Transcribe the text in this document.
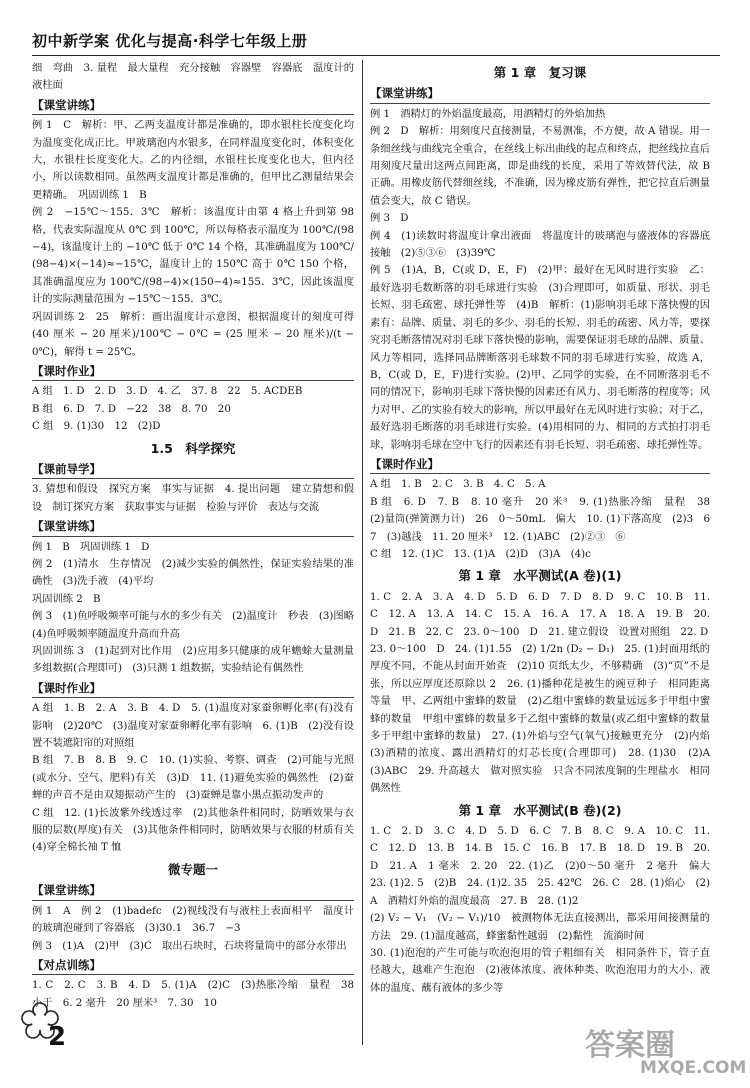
初中新学案 优化与提高·科学七年级上册

细　弯曲　3. 量程　最大量程　充分接触　容器壁　容器底　温度计的液柱面

【课堂讲练】

例 1　C　解析：甲、乙两支温度计都是准确的，即水银柱长度变化均为温度变化成正比。甲玻璃泡内水银多，在同样温度变化时，体积变化大，水银柱长度变化大。乙的内径细，水银柱长度变化也大，但内径小，所以读数相同。虽然两支温度计都是准确的，但甲比乙测量结果会更精确。　巩固训练 1　B

例 2　−15℃～155．3℃　解析：该温度计由第 4 格上升到第 98 格，代表实际温度从 0℃ 到 100℃，所以每格表示温度为 100℃/(98−4)，该温度计上的 −10℃ 低于 0℃ 14 个格，其准确温度为 100℃/(98−4)×(−14)≈−15℃，温度计上的 150℃ 高于 0℃ 150 个格，其准确温度应为 100℃/(98−4)×(150−4)≈155．3℃，因此该温度计的实际测量范围为 −15℃～155．3℃。

巩固训练 2　25　解析：画出温度计示意图，根据温度计的刻度可得 (40 厘米 − 20 厘米)/100℃ − 0℃ = (25 厘米 − 20 厘米)/(t − 0℃)，解得 t = 25℃。

【课时作业】

A 组　1. D　2. D　3. D　4. 乙　37. 8　22　5. ACDEB

B 组　6. D　7. D　−22　38　8. 70　20

C 组　9. (1)30　12　(2)D

1.5　科学探究
【课前导学】

3. 猜想和假设　探究方案　事实与证据　4. 提出问题　建立猜想和假设　制订探究方案　获取事实与证据　检验与评价　表达与交流

【课堂讲练】

例 1　B　巩固训练 1　D

例 2　(1)清水　生存情况　(2)减少实验的偶然性，保证实验结果的准确性　(3)洗手液　(4)平均

巩固训练 2　B

例 3　(1)鱼呼吸频率可能与水的多少有关　(2)温度计　秒表　(3)图略　(4)鱼呼吸频率随温度升高而升高

巩固训练 3　(1)起到对比作用　(2)应用多只健康的成年蟾蜍大量测量多组数据(合理即可)　(3)只测 1 组数据，实验结论有偶然性

【课时作业】

A 组　1. B　2. A　3. B　4. D　5. (1)温度对家蚕卵孵化率(有)没有影响　(2)20℃　(3)温度对家蚕卵孵化率有影响　6. (1)B　(2)没有设置不装遮阳帘的对照组

B 组　7. B　8. B　9. C　10. (1)实验、考察、调查　(2)可能与光照(或水分、空气、肥料)有关　(3)D　11. (1)避免实验的偶然性　(2)蚕蝉的声音不是由双翅振动产生的　(3)蚕蝉是靠小黑点振动发声的

C 组　12. (1)长波紫外线透过率　(2)其他条件相同时，防晒效果与衣服的层数(厚度)有关　(3)其他条件相同时，防晒效果与衣服的材质有关　(4)穿全棉长袖 T 恤

微专题一
【课堂讲练】

例 1　A　例 2　(1)badefc　(2)视线没有与液柱上表面相平　温度计的玻璃泡碰到了容器底　(3)30.1　36.7　−3

例 3　(1)A　(2)甲　(3)C　取出石块时，石块将量筒中的部分水带出

【对点训练】

1. C　2. C　3. B　4. D　5. (1)A　(2)C　(3)热胀冷缩　量程　38　小于　6. 2 毫升　20 厘米³　7. 30　10

第 1 章　复习课
【课堂讲练】

例 1　酒精灯的外焰温度最高，用酒精灯的外焰加热

例 2　D　解析：用刻度尺直接测量，不易测准，不方便，故 A 错误。用一条细丝线与曲线完全重合，在丝线上标出曲线的起点和终点，把丝线拉直后用刻度尺量出这两点间距离，即是曲线的长度，采用了等效替代法，故 B 正确。用橡皮筋代替细丝线，不准确，因为橡皮筋有弹性，把它拉直后测量值会变大，故 C 错误。

例 3　D

例 4　(1)读数时将温度计拿出液面　将温度计的玻璃泡与盛液体的容器底接触　(2)⑤③⑥　(3)39℃

例 5　(1)A，B，C(或 D，E，F)　(2)甲：最好在无风时进行实验　乙：最好选羽毛数断落的羽毛球进行实验　(3)合理即可，如质量、形状、羽毛长短、羽毛疏密、球托弹性等　(4)B　解析：(1)影响羽毛球下落快慢的因素有：品牌、质量、羽毛的多少、羽毛的长短、羽毛的疏密、风力等，要探究羽毛断落情况对羽毛球下落快慢的影响，需要保证羽毛球的品牌、质量、风力等相同，选择同品牌断落羽毛球数不同的羽毛球进行实验，故选 A，B，C(或 D，E，F)进行实验。(2)甲、乙同学的实验，在不同断落羽毛不同的情况下，影响羽毛球下落快慢的因素还有风力、羽毛断落的程度等；风力对甲、乙的实验有较大的影响，所以甲最好在无风时进行实验；对于乙，最好选羽毛断落的羽毛球进行实验。(4)用相同的力、相同的方式拍打羽毛球，影响羽毛球在空中飞行的因素还有羽毛长短、羽毛疏密、球托弹性等。

【课时作业】

A 组　1. B　2. C　3. B　4. C　5. A

B 组　6. D　7. B　8. 10 毫升　20 米³　9. (1)热胀冷缩　量程　38　(2)量筒(弹簧测力计)　26　0～50mL　偏大　10. (1)下落高度　(2)3　6　7　(3)越浅　11. 20 厘米³　12. (1)ABC　(2)②③　⑥

C 组　12. (1)C　13. (1)A　(2)D　(3)A　(4)c

第 1 章　水平测试(A 卷)(1)

1. C　2. A　3. A　4. D　5. D　6. D　7. D　8. D　9. C　10. B　11. C　12. A　13. A　14. C　15. A　16. A　17. A　18. A　19. B　20. D　21. B　22. C　23. 0～100　D　21. 建立假设　设置对照组　22. D

23. 0～100　D　24. (1)1.55　(2) 1/2n (D₂ − D₁)　25. (1)封面用纸的厚度不同，不能从封面开始查　(2)10 页纸太少，不够精确　(3)“页”不是张，所以应厚度还原除以 2　26. (1)播种花是被生的豌豆种子　相同距离　等量　甲、乙两组中蜜蜂的数量　(2)乙组中蜜蜂的数量远远多于甲组中蜜蜂的数量　甲组中蜜蜂的数量多于乙组中蜜蜂的数量(或乙组中蜜蜂的数量多于甲组中蜜蜂的数量)　27. (1)外焰与空气(氧气)接触更充分　(2)内焰　(3)酒精的浓度、露出酒精灯的灯芯长度(合理即可)　28. (1)30　(2)A　(3)ABC　29. 升高越大　做对照实验　只含不同浓度铜的生理盐水　相同　偶然性

第 1 章　水平测试(B 卷)(2)

1. C　2. D　3. C　4. D　5. D　6. C　7. B　8. C　9. A　10. C　11. C　12. D　13. B　14. B　15. C　16. B　17. B　18. D　19. B　20. D　21. A　1 毫米　2. 20　22. (1)乙　(2)0～50 毫升　2 毫升　偏大　23. (1)2. 5　(2)B　24. (1)2. 35　25. 42℃　26. C　28. (1)焰心　(2)A　酒精灯外焰的温度最高　27. B　28. (1)2

(2) V₂ − V₁　(V₂ − V₁)/10　被测物体无法直接测出，都采用间接测量的方法　29. (1)温度越高，蜂蜜黏性越弱　(2)黏性　流淌时间

30. (1)泡泡的产生可能与吹泡泡用的管子粗细有关　相同条件下，管子直径越大，越难产生泡泡　(2)液体浓度、液体种类、吹泡泡用力的大小、液体的温度、蘸有液体的多少等

2	答案圈
MXQE.COM
